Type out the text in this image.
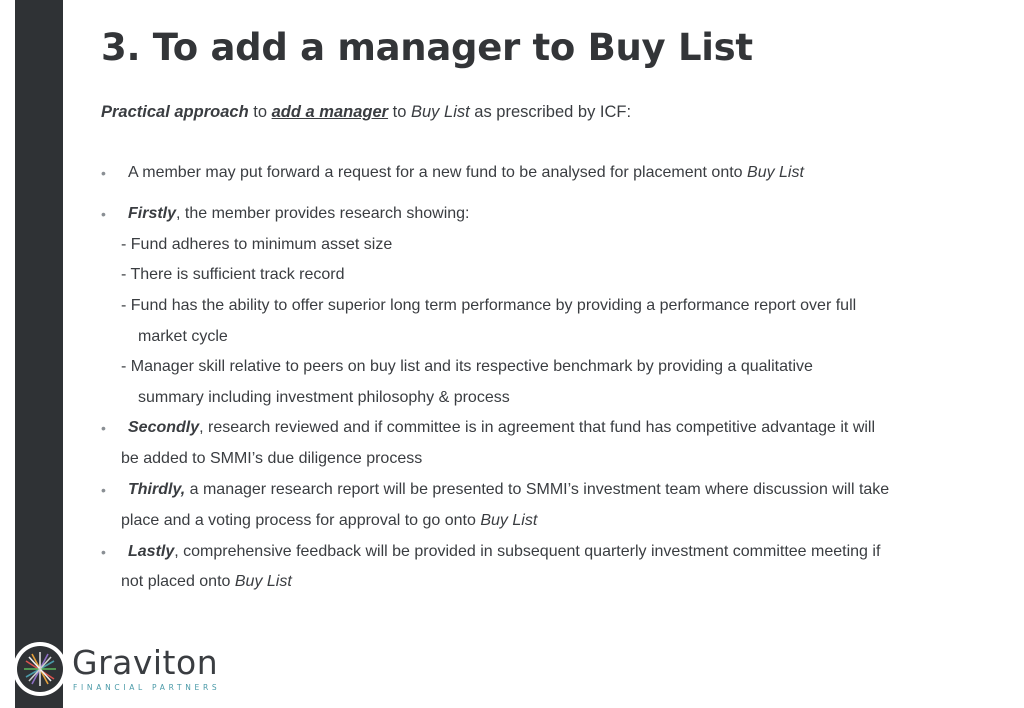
3. To add a manager to Buy List
Practical approach to add a manager to Buy List as prescribed by ICF:
• A member may put forward a request for a new fund to be analysed for placement onto Buy List
• Firstly, the member provides research showing:
- Fund adheres to minimum asset size
- There is sufficient track record
- Fund has the ability to offer superior long term performance by providing a performance report over full
market cycle
- Manager skill relative to peers on buy list and its respective benchmark by providing a qualitative
summary including investment philosophy & process
• Secondly, research reviewed and if committee is in agreement that fund has competitive advantage it will
be added to SMMI’s due diligence process
• Thirdly, a manager research report will be presented to SMMI’s investment team where discussion will take
place and a voting process for approval to go onto Buy List
• Lastly, comprehensive feedback will be provided in subsequent quarterly investment committee meeting if
not placed onto Buy List
Graviton
FINANCIAL PARTNERS
